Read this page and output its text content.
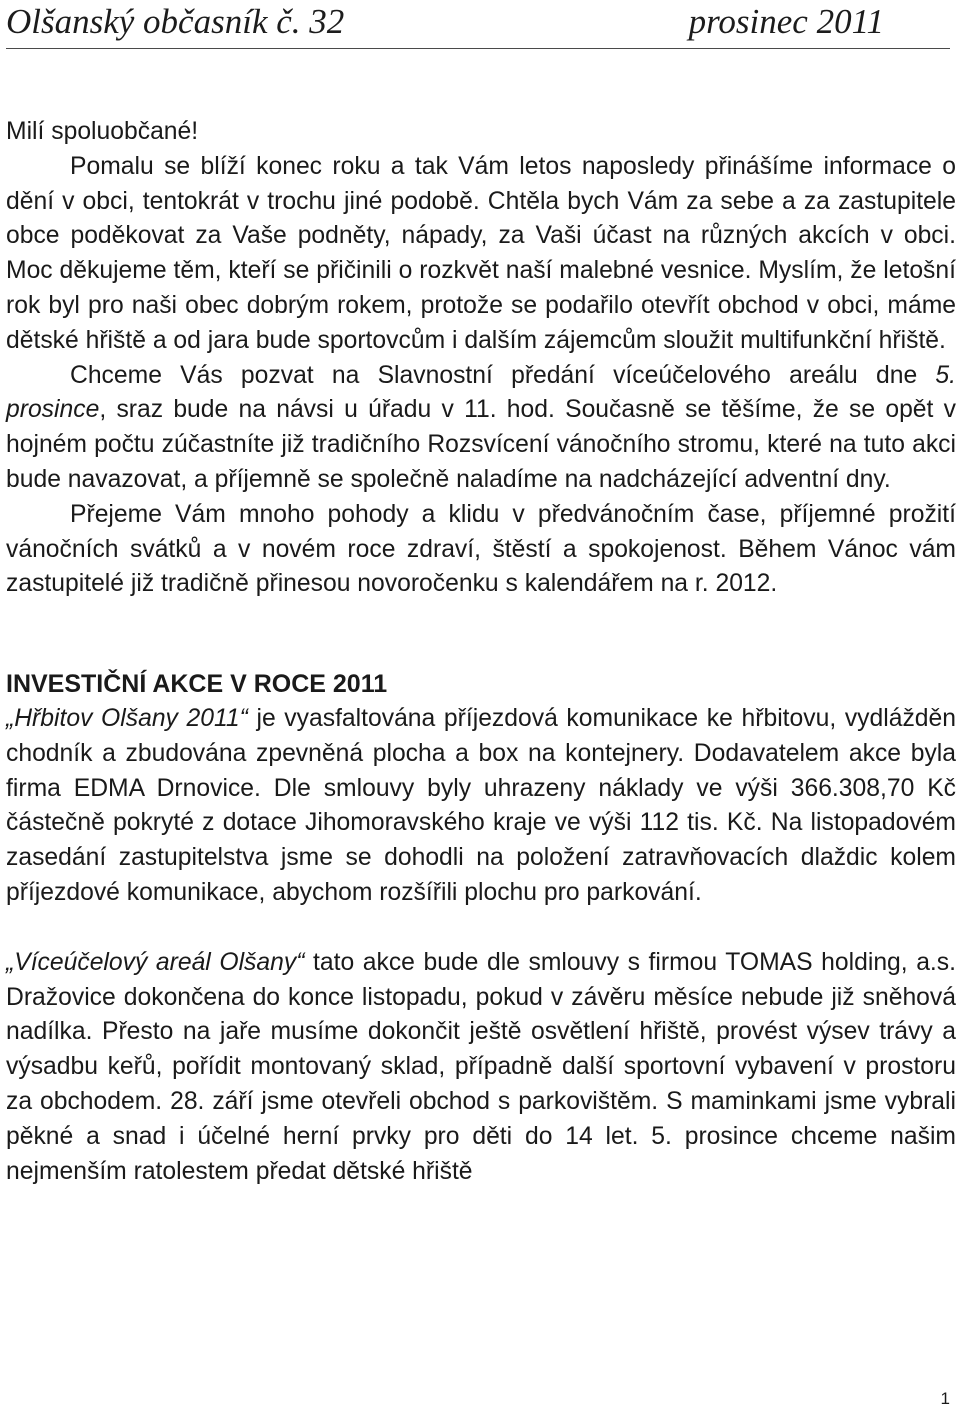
Olšanský občasník č. 32	prosinec 2011

Milí spoluobčané!

Pomalu se blíží konec roku a tak Vám letos naposledy přinášíme informace o dění v obci, tentokrát v trochu jiné podobě. Chtěla bych Vám za sebe a za zastupitele obce poděkovat za Vaše podněty, nápady, za Vaši účast na různých akcích v obci. Moc děkujeme těm, kteří se přičinili o rozkvět naší malebné vesnice. Myslím, že letošní rok byl pro naši obec dobrým rokem, protože se podařilo otevřít obchod v obci, máme dětské hřiště a od jara bude sportovcům i dalším zájemcům sloužit multifunkční hřiště.

Chceme Vás pozvat na Slavnostní předání víceúčelového areálu dne 5. prosince, sraz bude na návsi u úřadu v 11. hod. Současně se těšíme, že se opět v hojném počtu zúčastníte již tradičního Rozsvícení vánočního stromu, které na tuto akci bude navazovat, a příjemně se společně naladíme na nadcházející adventní dny.

Přejeme Vám mnoho pohody a klidu v předvánočním čase, příjemné prožití vánočních svátků a v novém roce zdraví, štěstí a spokojenost. Během Vánoc vám zastupitelé již tradičně přinesou novoročenku s kalendářem na r. 2012.

INVESTIČNÍ AKCE V ROCE 2011

„Hřbitov Olšany 2011“ je vyasfaltována příjezdová komunikace ke hřbitovu, vydlážděn chodník a zbudována zpevněná plocha a box na kontejnery. Dodavatelem akce byla firma EDMA Drnovice. Dle smlouvy byly uhrazeny náklady ve výši 366.308,70 Kč částečně pokryté z dotace Jihomoravského kraje ve výši 112 tis. Kč. Na listopadovém zasedání zastupitelstva jsme se dohodli na položení zatravňovacích dlaždic kolem příjezdové komunikace, abychom rozšířili plochu pro parkování.

„Víceúčelový areál Olšany“ tato akce bude dle smlouvy s firmou TOMAS holding, a.s. Dražovice dokončena do konce listopadu, pokud v závěru měsíce nebude již sněhová nadílka. Přesto na jaře musíme dokončit ještě osvětlení hřiště, provést výsev trávy a výsadbu keřů, pořídit montovaný sklad, případně další sportovní vybavení v prostoru za obchodem. 28. září jsme otevřeli obchod s parkovištěm. S maminkami jsme vybrali pěkné a snad i účelné herní prvky pro děti do 14 let. 5. prosince chceme našim nejmenším ratolestem předat dětské hřiště

1
